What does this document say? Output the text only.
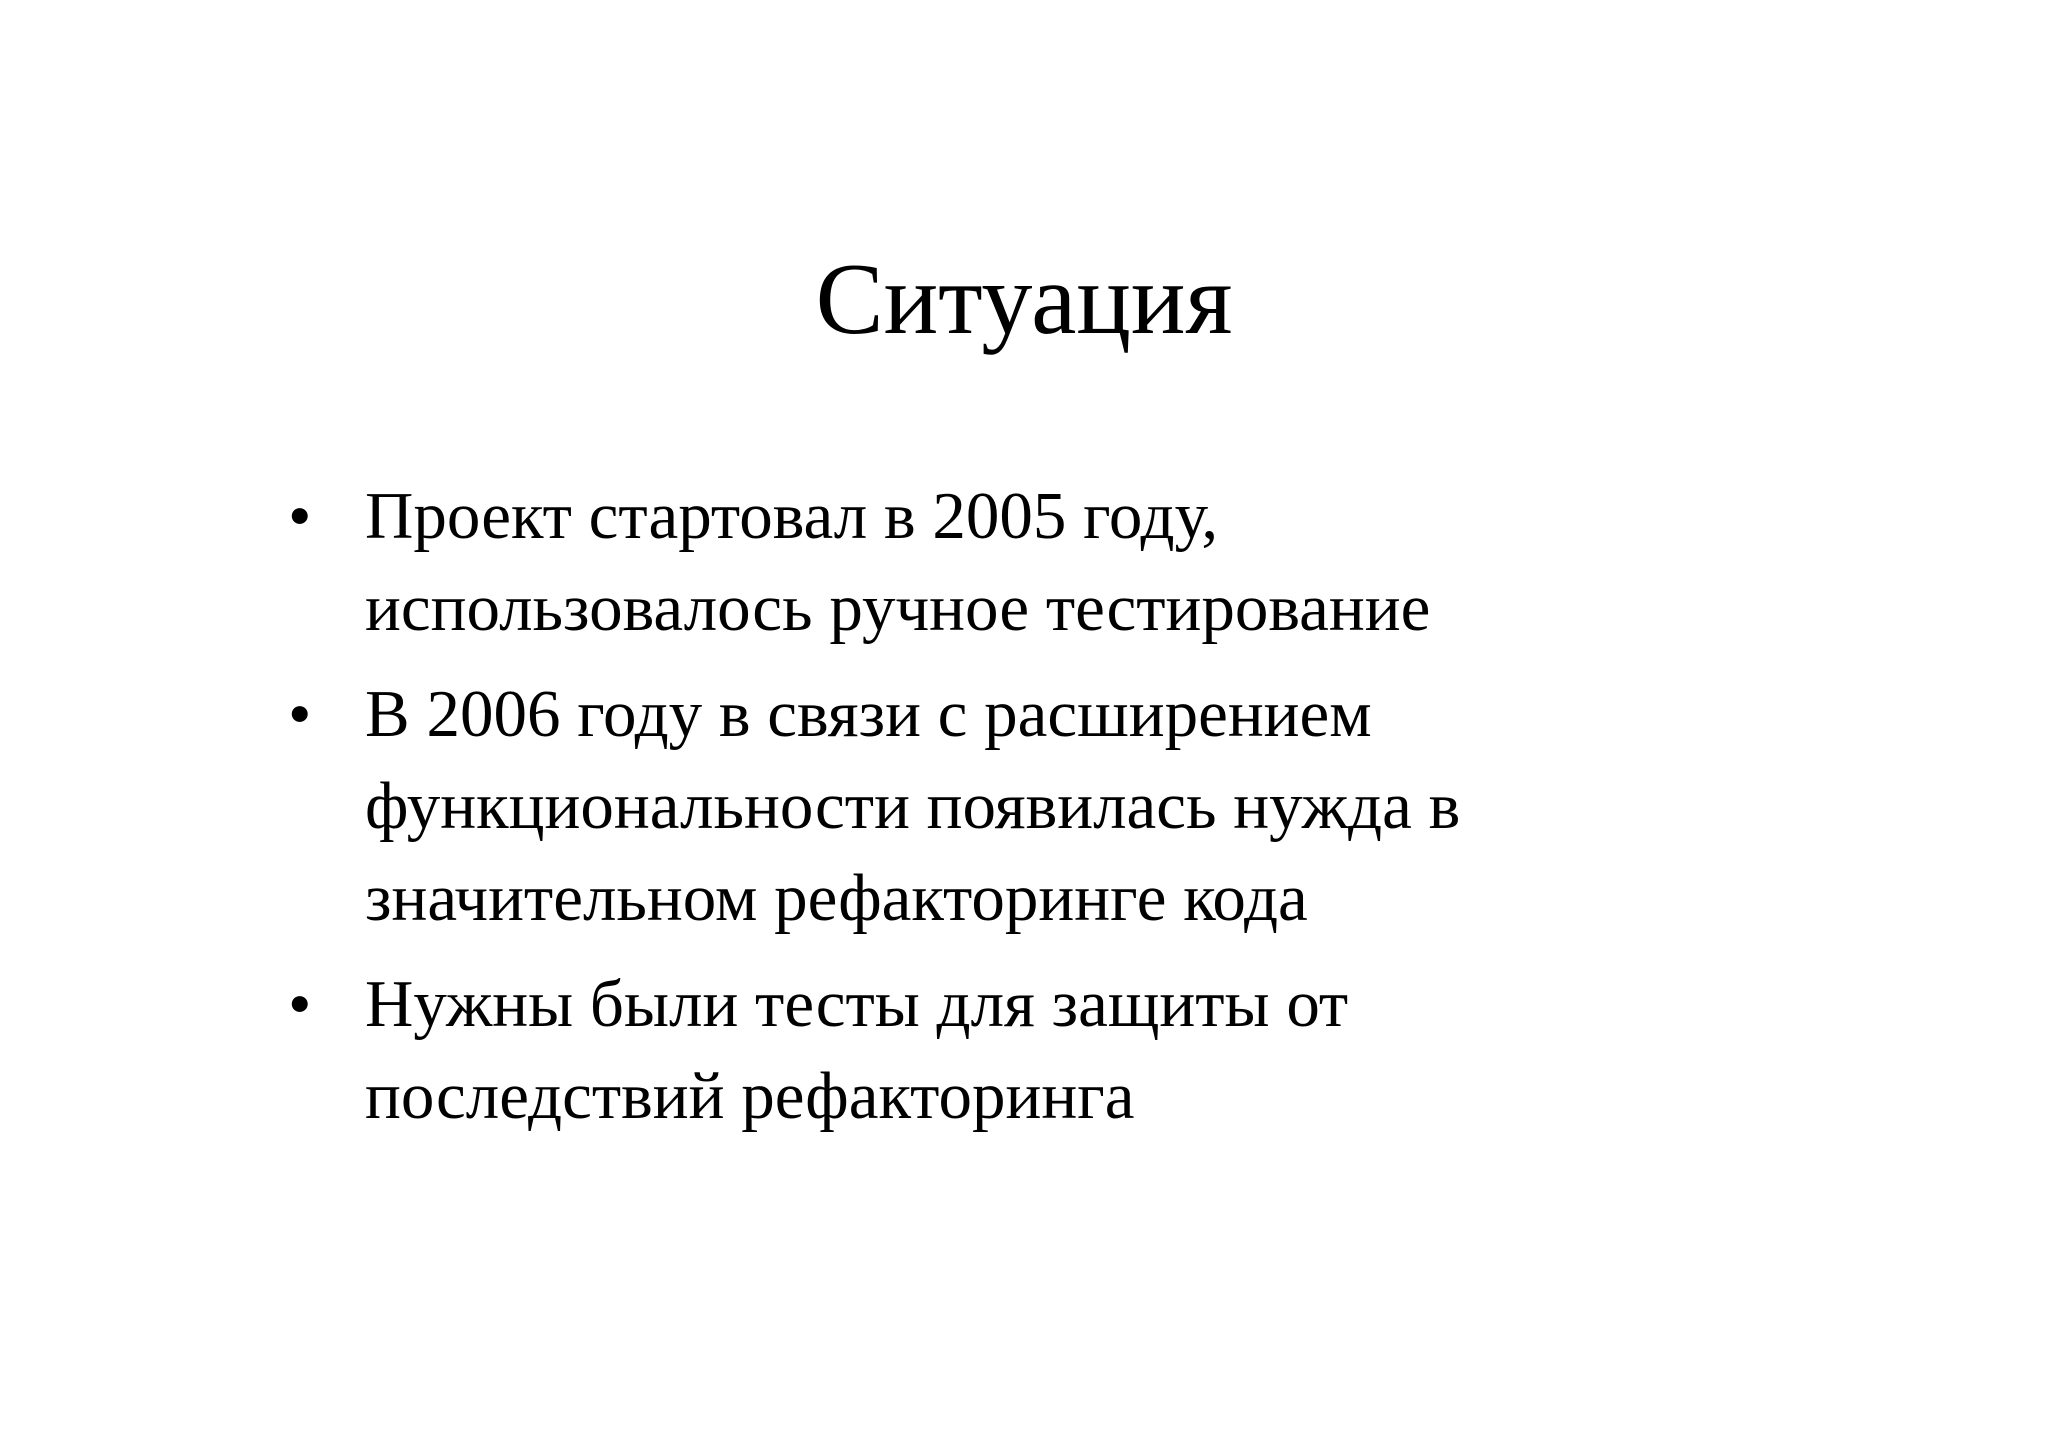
Ситуация
• Проект стартовал в 2005 году,
использовалось ручное тестирование
• В 2006 году в связи с расширением
функциональности появилась нужда в
значительном рефакторинге кода
• Нужны были тесты для защиты от
последствий рефакторинга
